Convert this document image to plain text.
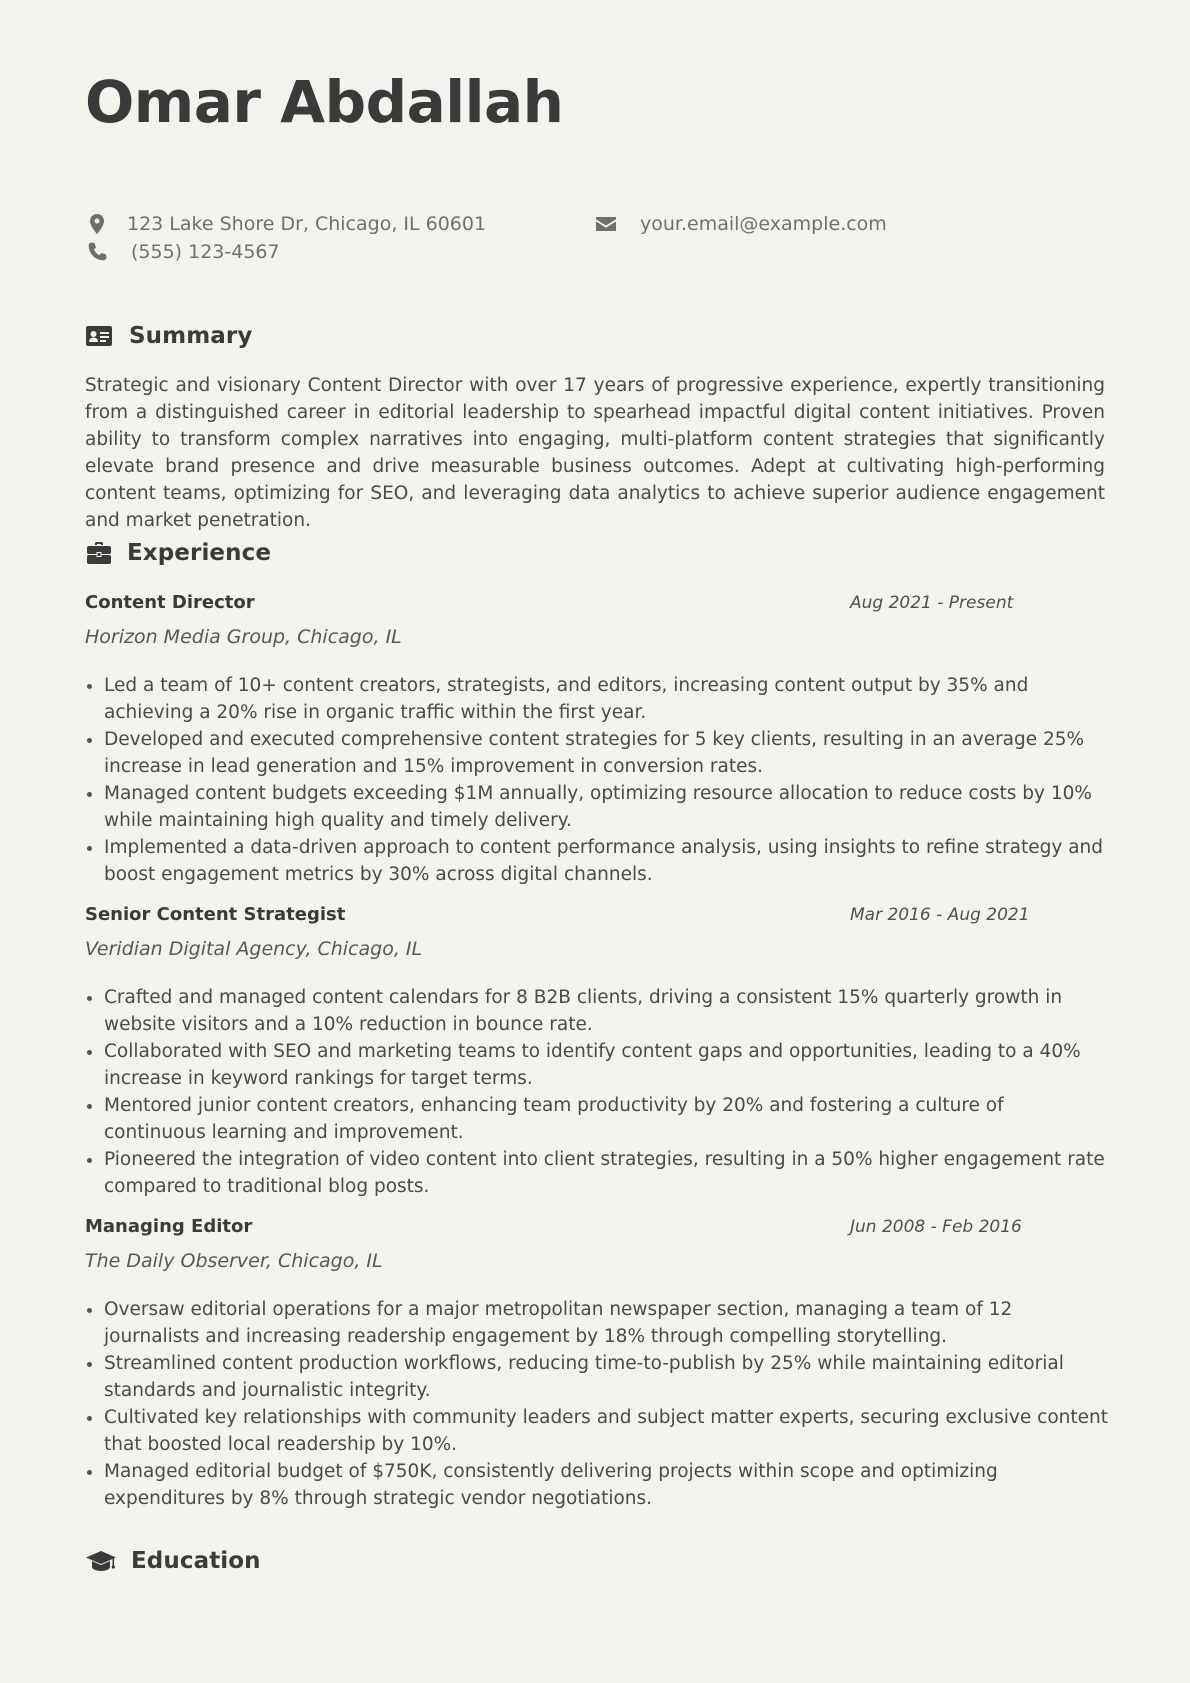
Omar Abdallah
123 Lake Shore Dr, Chicago, IL 60601	your.email@example.com
(555) 123-4567
Summary

Strategic and visionary Content Director with over 17 years of progressive experience, expertly transitioning from a distinguished career in editorial leadership to spearhead impactful digital content initiatives. Proven ability to transform complex narratives into engaging, multi-platform content strategies that significantly elevate brand presence and drive measurable business outcomes. Adept at cultivating high-performing content teams, optimizing for SEO, and leveraging data analytics to achieve superior audience engagement and market penetration.

Experience
Content Director	Aug 2021 - Present
Horizon Media Group, Chicago, IL
Led a team of 10+ content creators, strategists, and editors, increasing content output by 35% and achieving a 20% rise in organic traffic within the first year.
Developed and executed comprehensive content strategies for 5 key clients, resulting in an average 25% increase in lead generation and 15% improvement in conversion rates.
Managed content budgets exceeding $1M annually, optimizing resource allocation to reduce costs by 10% while maintaining high quality and timely delivery.
Implemented a data-driven approach to content performance analysis, using insights to refine strategy and boost engagement metrics by 30% across digital channels.
Senior Content Strategist	Mar 2016 - Aug 2021
Veridian Digital Agency, Chicago, IL
Crafted and managed content calendars for 8 B2B clients, driving a consistent 15% quarterly growth in website visitors and a 10% reduction in bounce rate.
Collaborated with SEO and marketing teams to identify content gaps and opportunities, leading to a 40% increase in keyword rankings for target terms.
Mentored junior content creators, enhancing team productivity by 20% and fostering a culture of continuous learning and improvement.
Pioneered the integration of video content into client strategies, resulting in a 50% higher engagement rate compared to traditional blog posts.
Managing Editor	Jun 2008 - Feb 2016
The Daily Observer, Chicago, IL
Oversaw editorial operations for a major metropolitan newspaper section, managing a team of 12 journalists and increasing readership engagement by 18% through compelling storytelling.
Streamlined content production workflows, reducing time-to-publish by 25% while maintaining editorial standards and journalistic integrity.
Cultivated key relationships with community leaders and subject matter experts, securing exclusive content that boosted local readership by 10%.
Managed editorial budget of $750K, consistently delivering projects within scope and optimizing expenditures by 8% through strategic vendor negotiations.
Education
